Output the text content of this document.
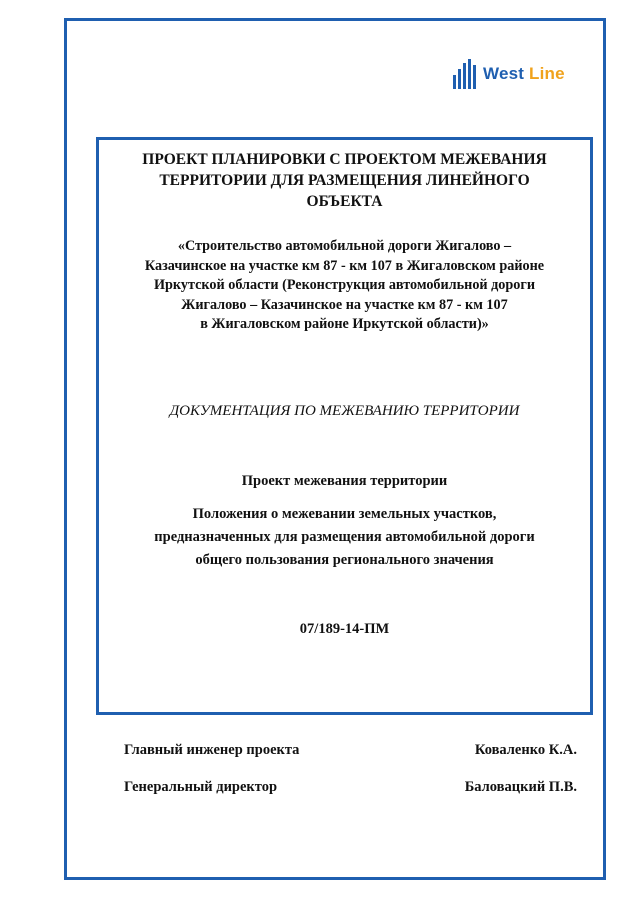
West Line
ПРОЕКТ ПЛАНИРОВКИ С ПРОЕКТОМ МЕЖЕВАНИЯ
ТЕРРИТОРИИ ДЛЯ РАЗМЕЩЕНИЯ ЛИНЕЙНОГО
ОБЪЕКТА
«Строительство автомобильной дороги Жигалово –
Казачинское на участке км 87 - км 107 в Жигаловском районе
Иркутской области (Реконструкция автомобильной дороги
Жигалово – Казачинское на участке км 87 - км 107
в Жигаловском районе Иркутской области)»
ДОКУМЕНТАЦИЯ ПО МЕЖЕВАНИЮ ТЕРРИТОРИИ
Проект межевания территории
Положения о межевании земельных участков,
предназначенных для размещения автомобильной дороги
общего пользования регионального значения
07/189-14-ПМ
Главный инженер проекта	Коваленко К.А.
Генеральный директор	Баловацкий П.В.
